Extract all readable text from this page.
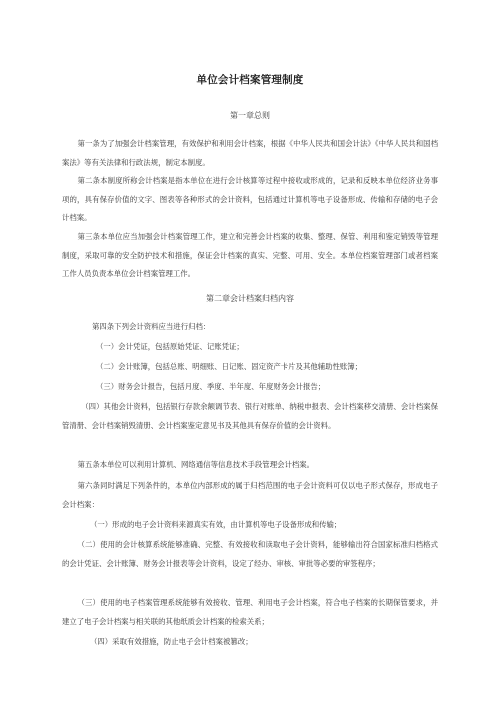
单位会计档案管理制度
第一章总则
第一条为了加强会计档案管理，有效保护和利用会计档案，根据《中华人民共和国会计法》《中华人民共和国档案法》等有关法律和行政法规，制定本制度。
第二条本制度所称会计档案是指本单位在进行会计核算等过程中接收或形成的，记录和反映本单位经济业务事项的，具有保存价值的文字、图表等各种形式的会计资料，包括通过计算机等电子设备形成、传输和存储的电子会计档案。
第三条本单位应当加强会计档案管理工作，建立和完善会计档案的收集、整理、保管、利用和鉴定销毁等管理制度，采取可靠的安全防护技术和措施，保证会计档案的真实、完整、可用、安全。本单位档案管理部门或者档案工作人员负责本单位会计档案管理工作。
第二章会计档案归档内容
第四条下列会计资料应当进行归档：
（一）会计凭证，包括原始凭证、记账凭证；
（二）会计账簿，包括总账、明细账、日记账、固定资产卡片及其他辅助性账簿；
（三）财务会计报告，包括月度、季度、半年度、年度财务会计报告；
（四）其他会计资料，包括银行存款余额调节表、银行对账单、纳税申报表、会计档案移交清册、会计档案保管清册、会计档案销毁清册、会计档案鉴定意见书及其他具有保存价值的会计资料。
第五条本单位可以利用计算机、网络通信等信息技术手段管理会计档案。
第六条同时满足下列条件的，本单位内部形成的属于归档范围的电子会计资料可仅以电子形式保存，形成电子会计档案：
（一）形成的电子会计资料来源真实有效，由计算机等电子设备形成和传输；
（二）使用的会计核算系统能够准确、完整、有效接收和读取电子会计资料，能够输出符合国家标准归档格式的会计凭证、会计账簿、财务会计报表等会计资料，设定了经办、审核、审批等必要的审签程序；
（三）使用的电子档案管理系统能够有效接收、管理、利用电子会计档案，符合电子档案的长期保管要求，并建立了电子会计档案与相关联的其他纸质会计档案的检索关系；
（四）采取有效措施，防止电子会计档案被篡改；
